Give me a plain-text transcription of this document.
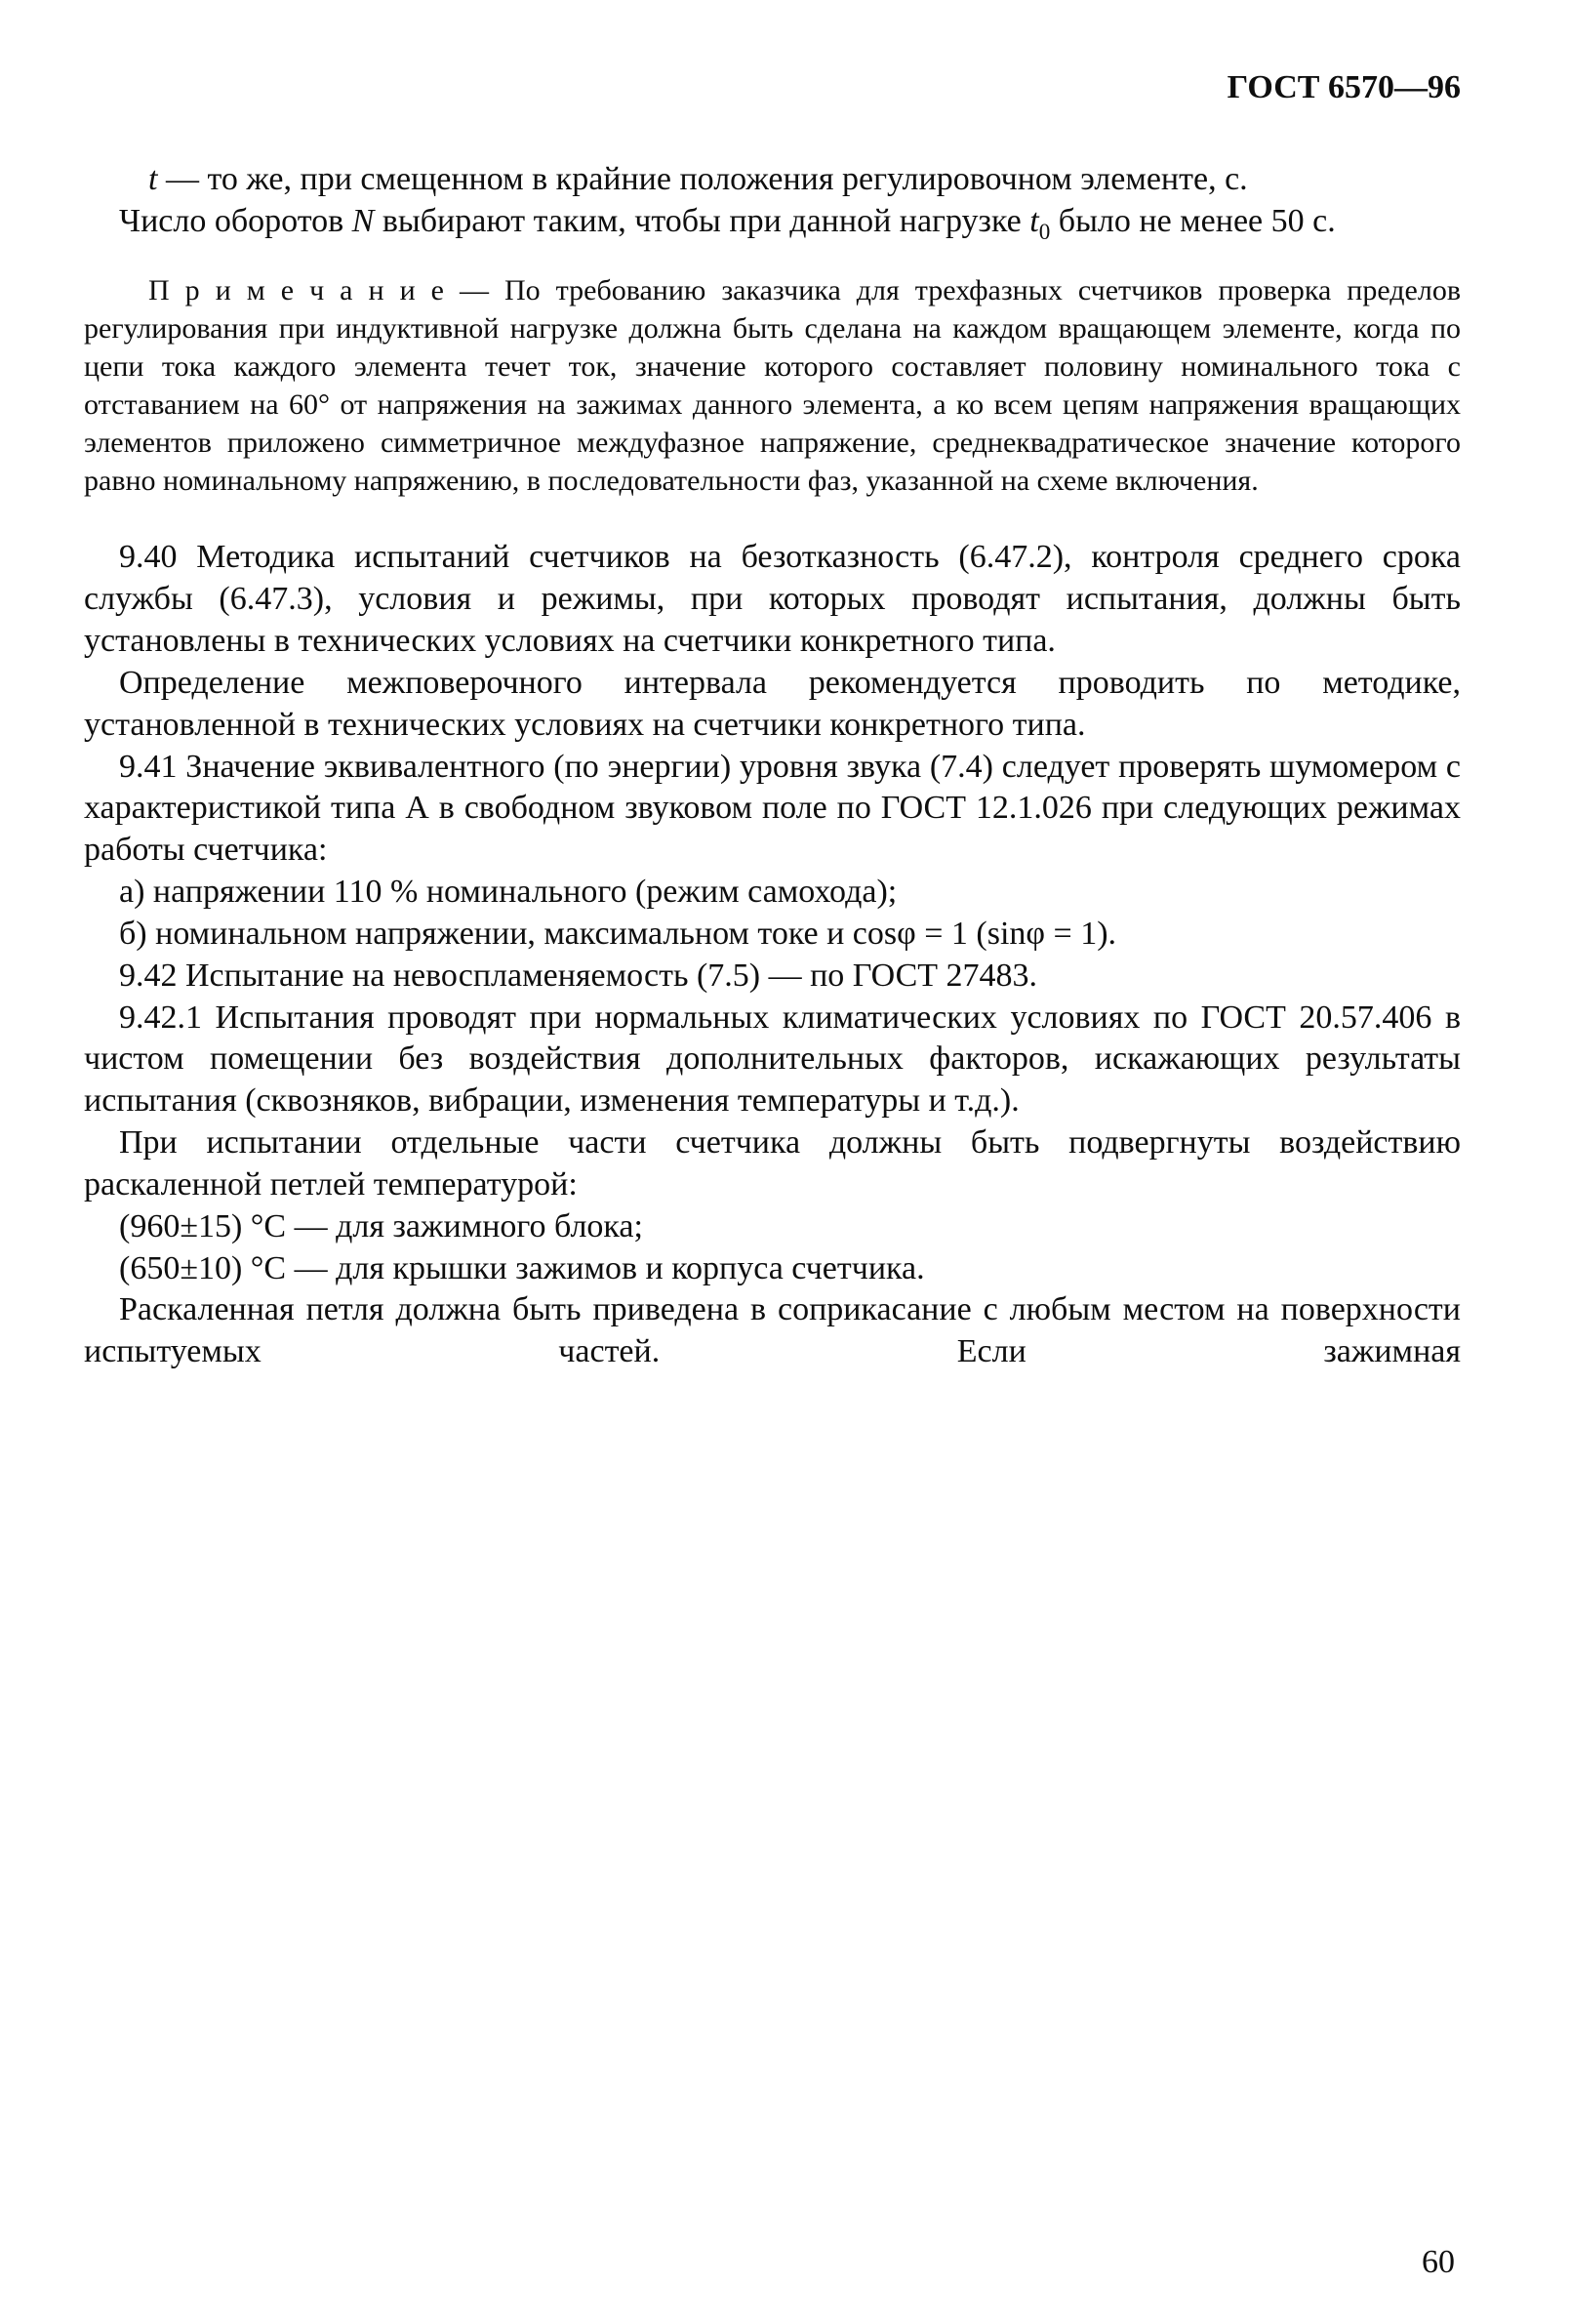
ГОСТ 6570—96

t — то же, при смещенном в крайние положения регулировочном элементе, с.

Число оборотов N выбирают таким, чтобы при данной нагрузке $t_0$ было не менее 50 с.

П р и м е ч а н и е — По требованию заказчика для трехфазных счетчиков проверка пределов регулирования при индуктивной нагрузке должна быть сделана на каждом вращающем элементе, когда по цепи тока каждого элемента течет ток, значение которого составляет половину номинального тока с отставанием на 60° от напряжения на зажимах данного элемента, а ко всем цепям напряжения вращающих элементов приложено симметричное междуфазное напряжение, среднеквадратическое значение которого равно номинальному напряжению, в последовательности фаз, указанной на схеме включения.

9.40 Методика испытаний счетчиков на безотказность (6.47.2), контроля среднего срока службы (6.47.3), условия и режимы, при которых проводят испытания, должны быть установлены в технических условиях на счетчики конкретного типа.

Определение межповерочного интервала рекомендуется проводить по методике, установленной в технических условиях на счетчики конкретного типа.

9.41 Значение эквивалентного (по энергии) уровня звука (7.4) следует проверять шумомером с характеристикой типа А в свободном звуковом поле по ГОСТ 12.1.026 при следующих режимах работы счетчика:

а) напряжении 110 % номинального (режим самохода);

б) номинальном напряжении, максимальном токе и cosφ = 1 (sinφ = 1).

9.42 Испытание на невоспламеняемость (7.5) — по ГОСТ 27483.

9.42.1 Испытания проводят при нормальных климатических условиях по ГОСТ 20.57.406 в чистом помещении без воздействия дополнительных факторов, искажающих результаты испытания (сквозняков, вибрации, изменения температуры и т.д.).

При испытании отдельные части счетчика должны быть подвергнуты воздействию раскаленной петлей температурой:

(960±15) °С — для зажимного блока;

(650±10) °С — для крышки зажимов и корпуса счетчика.

Раскаленная петля должна быть приведена в соприкасание с любым местом на поверхности испытуемых частей. Если зажимная

60
